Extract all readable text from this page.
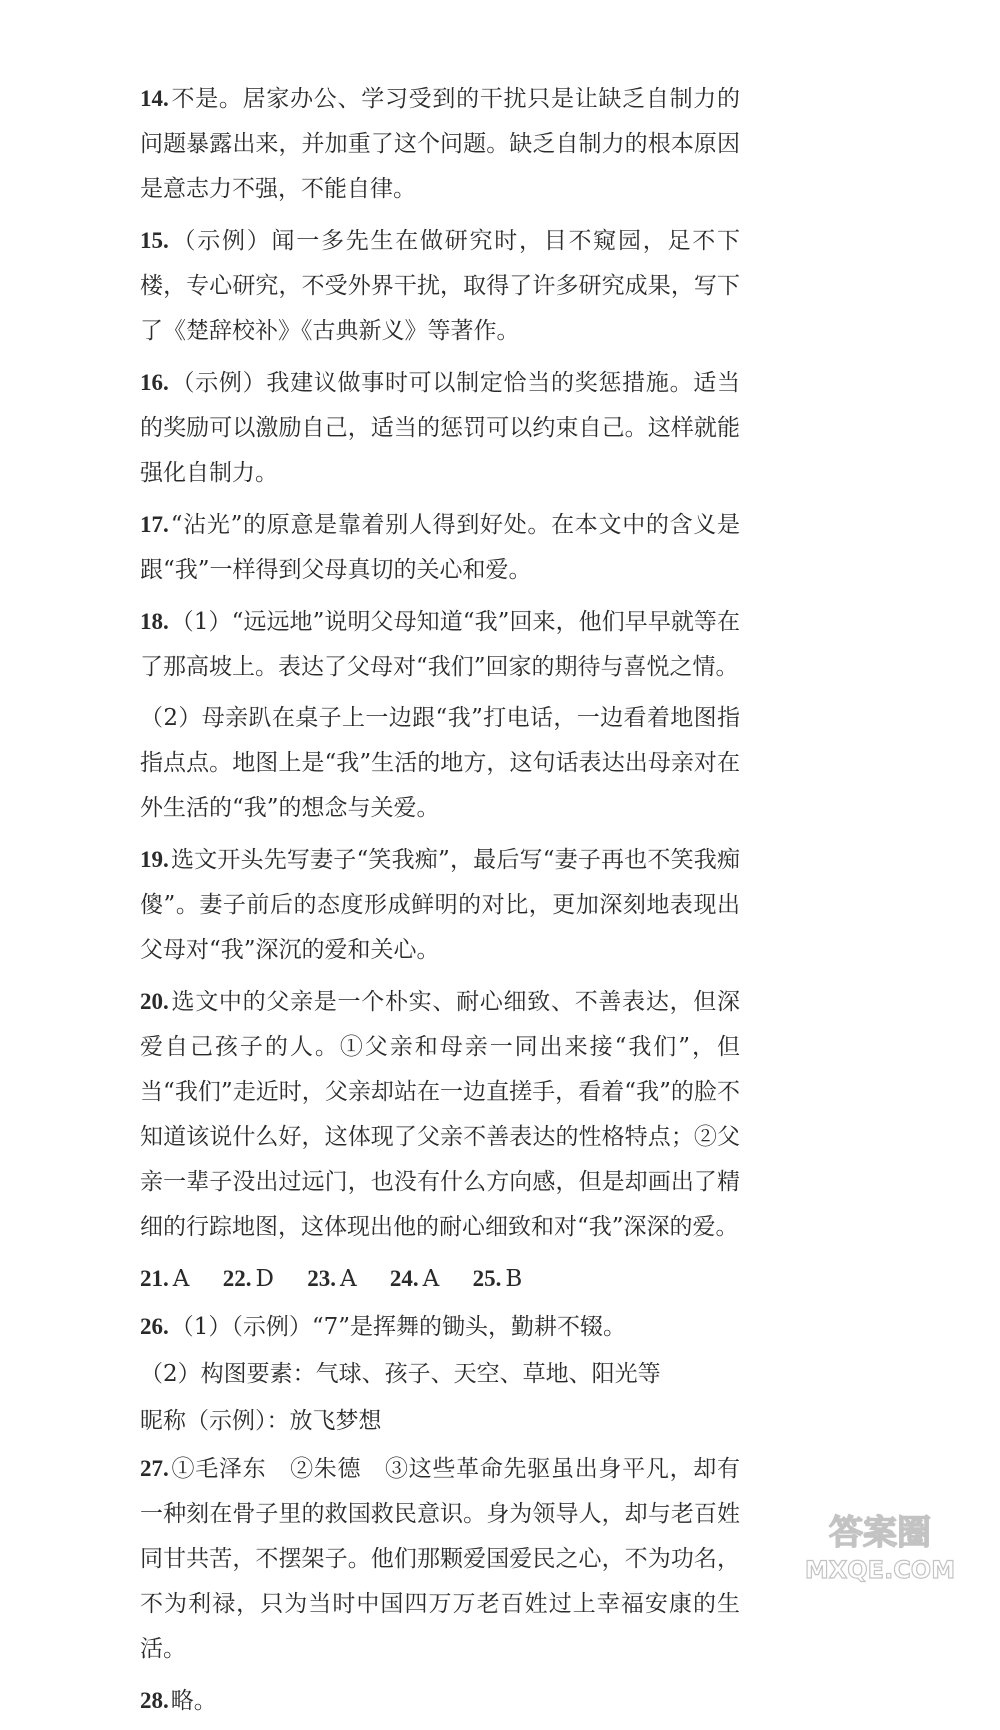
14.不是。居家办公、学习受到的干扰只是让缺乏自制力的问题暴露出来，并加重了这个问题。缺乏自制力的根本原因是意志力不强，不能自律。

15.（示例）闻一多先生在做研究时，目不窥园，足不下楼，专心研究，不受外界干扰，取得了许多研究成果，写下了《楚辞校补》《古典新义》等著作。

16.（示例）我建议做事时可以制定恰当的奖惩措施。适当的奖励可以激励自己，适当的惩罚可以约束自己。这样就能强化自制力。

17.“沾光”的原意是靠着别人得到好处。在本文中的含义是跟“我”一样得到父母真切的关心和爱。

18.（1）“远远地”说明父母知道“我”回来，他们早早就等在了那高坡上。表达了父母对“我们”回家的期待与喜悦之情。

（2）母亲趴在桌子上一边跟“我”打电话，一边看着地图指指点点。地图上是“我”生活的地方，这句话表达出母亲对在外生活的“我”的想念与关爱。

19.选文开头先写妻子“笑我痴”，最后写“妻子再也不笑我痴傻”。妻子前后的态度形成鲜明的对比，更加深刻地表现出父母对“我”深沉的爱和关心。

20.选文中的父亲是一个朴实、耐心细致、不善表达，但深爱自己孩子的人。①父亲和母亲一同出来接“我们”，但当“我们”走近时，父亲却站在一边直搓手，看着“我”的脸不知道该说什么好，这体现了父亲不善表达的性格特点；②父亲一辈子没出过远门，也没有什么方向感，但是却画出了精细的行踪地图，这体现出他的耐心细致和对“我”深深的爱。

21. A 22. D 23. A 24. A 25. B

26.（1）（示例）“7”是挥舞的锄头，勤耕不辍。

（2）构图要素：气球、孩子、天空、草地、阳光等

昵称（示例）：放飞梦想

27.①毛泽东　②朱德　③这些革命先驱虽出身平凡，却有一种刻在骨子里的救国救民意识。身为领导人，却与老百姓同甘共苦，不摆架子。他们那颗爱国爱民之心，不为功名，不为利禄，只为当时中国四万万老百姓过上幸福安康的生活。

28.略。

答案圈
MXQE.COM
